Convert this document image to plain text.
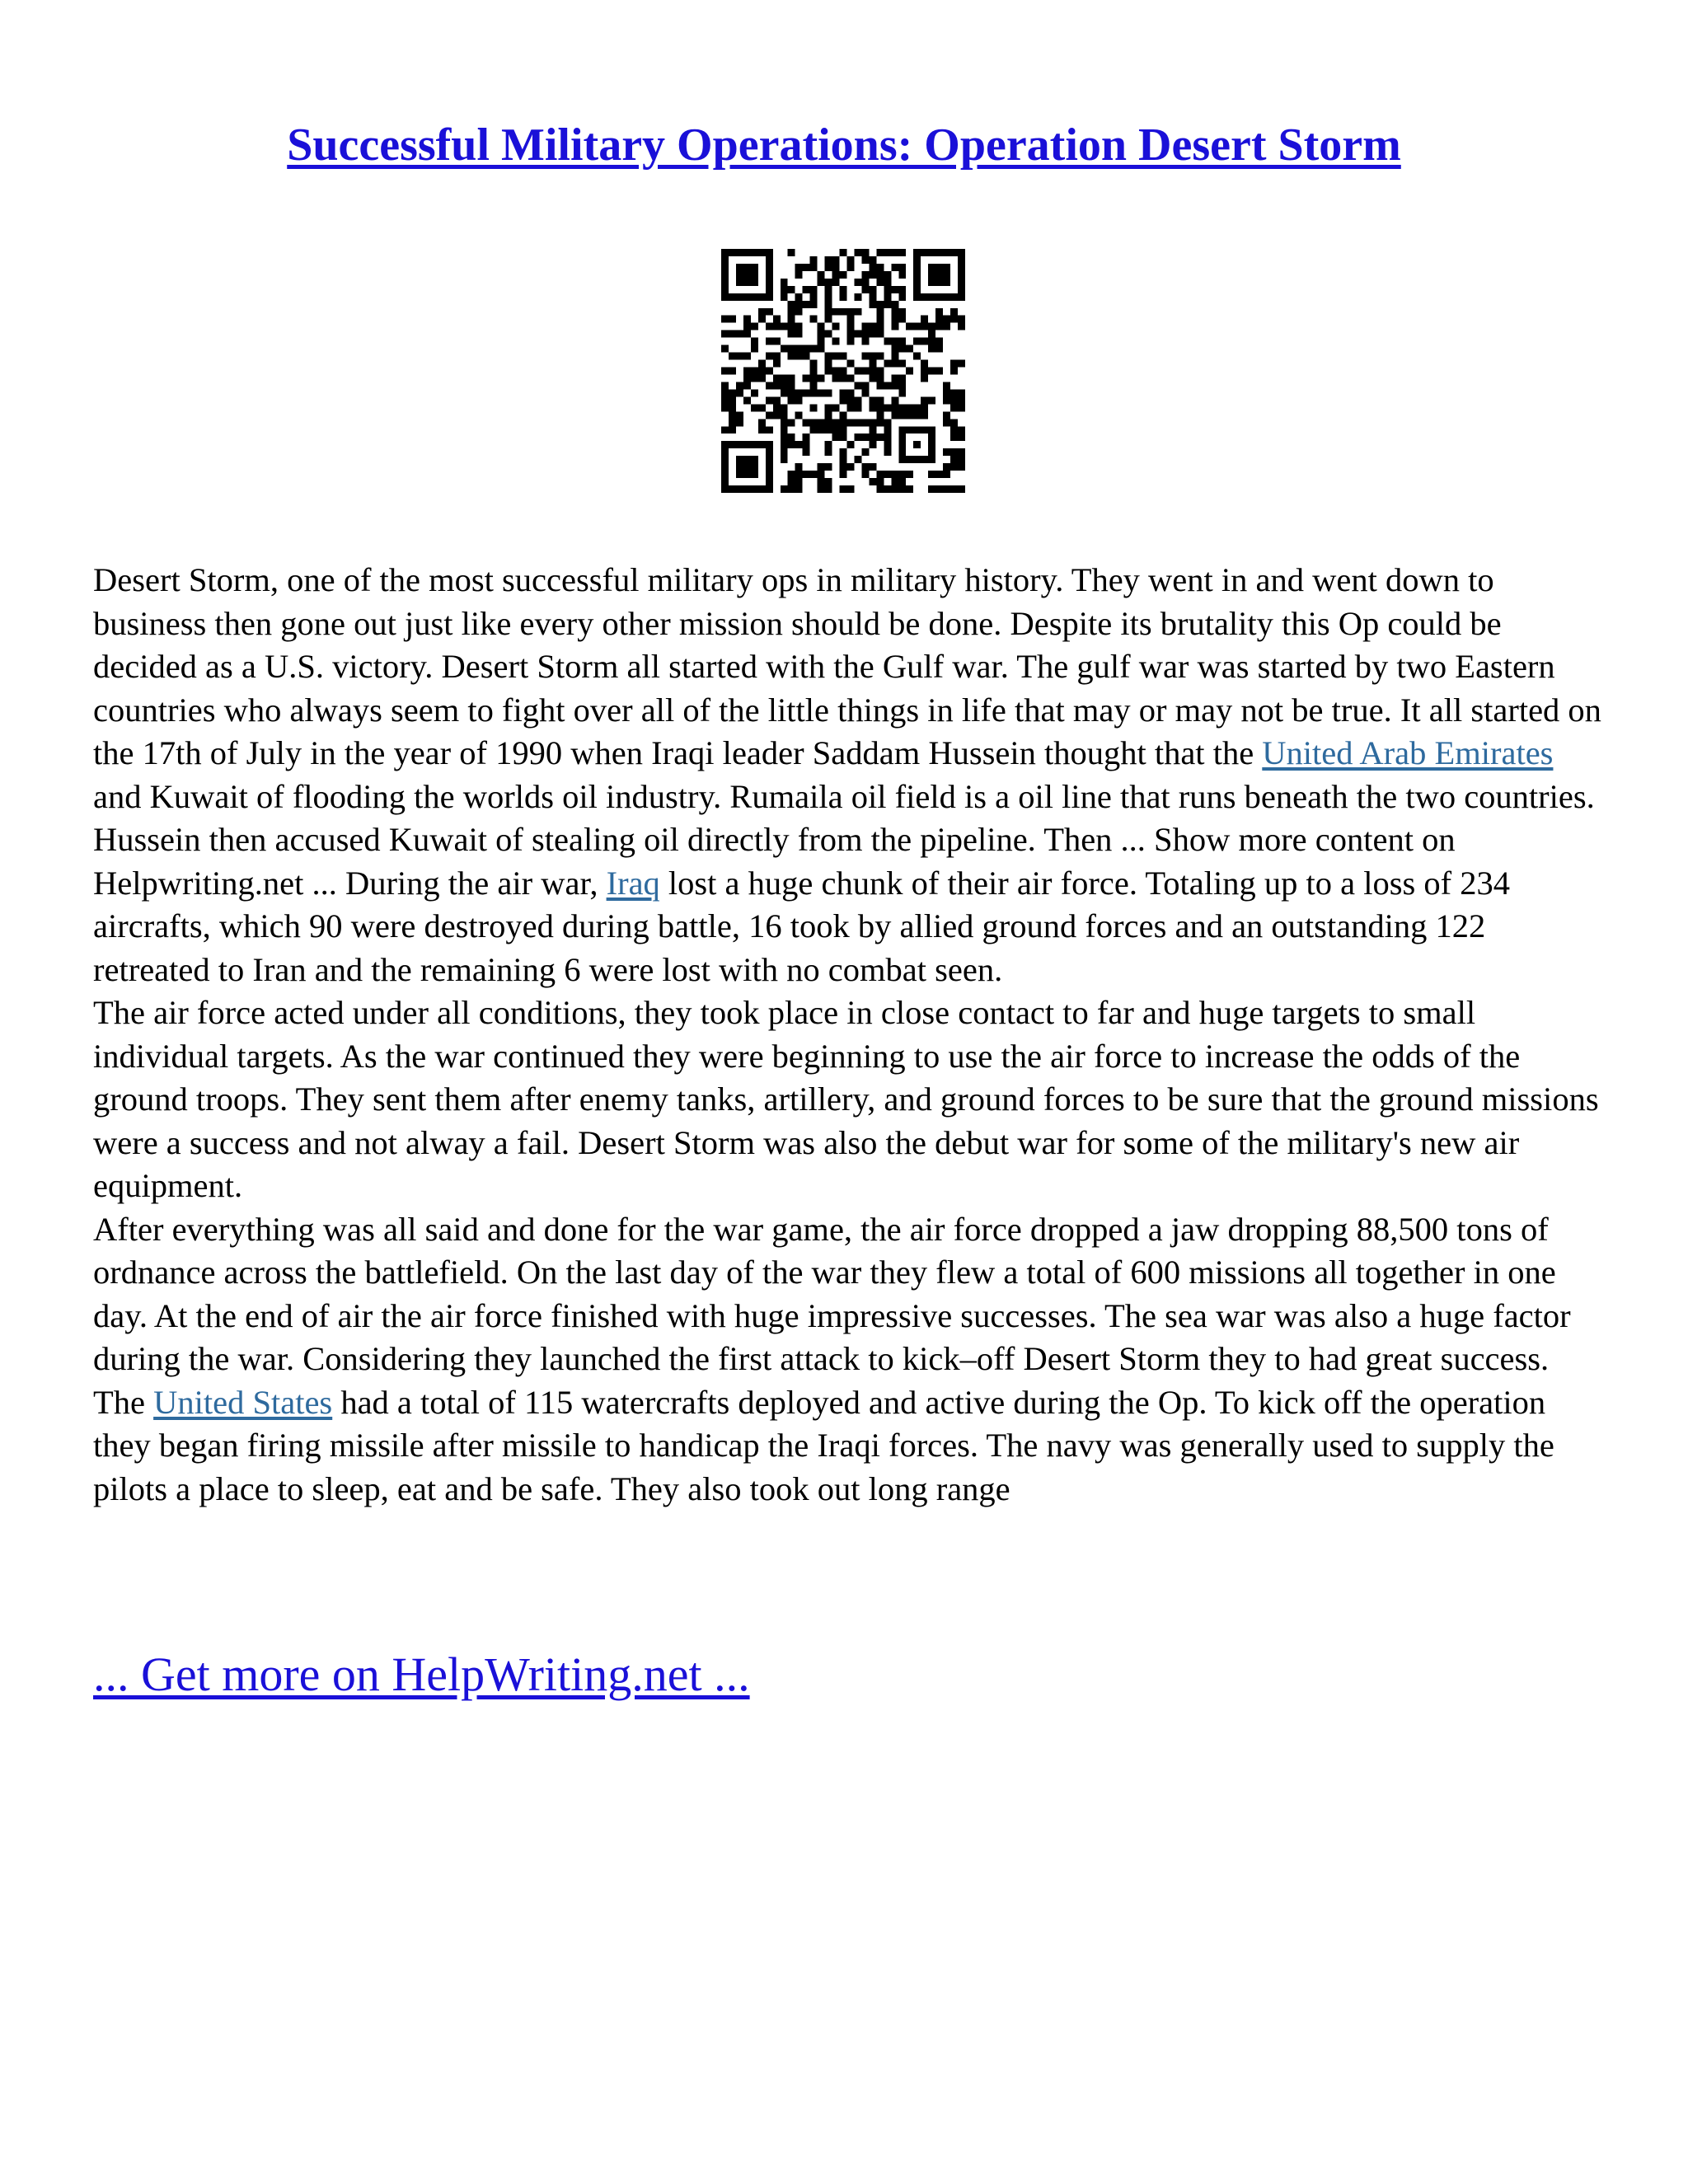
Successful Military Operations: Operation Desert Storm

Desert Storm, one of the most successful military ops in military history. They went in and went down to business then gone out just like every other mission should be done. Despite its brutality this Op could be decided as a U.S. victory. Desert Storm all started with the Gulf war. The gulf war was started by two Eastern countries who always seem to fight over all of the little things in life that may or may not be true. It all started on the 17th of July in the year of 1990 when Iraqi leader Saddam Hussein thought that the United Arab Emirates and Kuwait of flooding the worlds oil industry. Rumaila oil field is a oil line that runs beneath the two countries. Hussein then accused Kuwait of stealing oil directly from the pipeline. Then ... Show more content on Helpwriting.net ... During the air war, Iraq lost a huge chunk of their air force. Totaling up to a loss of 234 aircrafts, which 90 were destroyed during battle, 16 took by allied ground forces and an outstanding 122 retreated to Iran and the remaining 6 were lost with no combat seen.

The air force acted under all conditions, they took place in close contact to far and huge targets to small individual targets. As the war continued they were beginning to use the air force to increase the odds of the ground troops. They sent them after enemy tanks, artillery, and ground forces to be sure that the ground missions were a success and not alway a fail. Desert Storm was also the debut war for some of the military's new air equipment.

After everything was all said and done for the war game, the air force dropped a jaw dropping 88,500 tons of ordnance across the battlefield. On the last day of the war they flew a total of 600 missions all together in one day. At the end of air the air force finished with huge impressive successes. The sea war was also a huge factor during the war. Considering they launched the first attack to kick–off Desert Storm they to had great success. The United States had a total of 115 watercrafts deployed and active during the Op. To kick off the operation they began firing missile after missile to handicap the Iraqi forces. The navy was generally used to supply the pilots a place to sleep, eat and be safe. They also took out long range

... Get more on HelpWriting.net ...
